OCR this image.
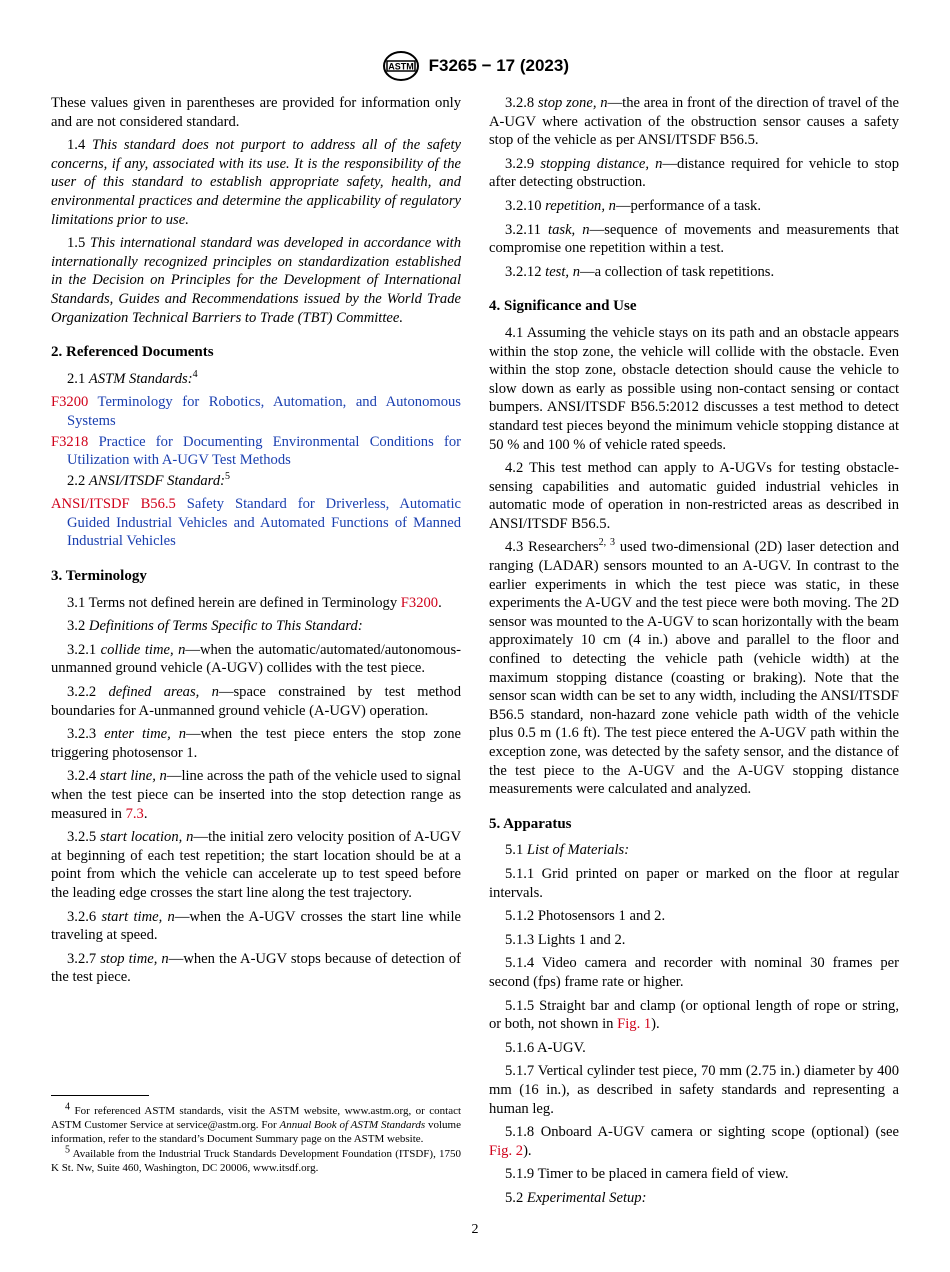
ASTM F3265 − 17 (2023)

These values given in parentheses are provided for information only and are not considered standard.

1.4 This standard does not purport to address all of the safety concerns, if any, associated with its use. It is the responsibility of the user of this standard to establish appropriate safety, health, and environmental practices and determine the applicability of regulatory limitations prior to use.

1.5 This international standard was developed in accordance with internationally recognized principles on standardization established in the Decision on Principles for the Development of International Standards, Guides and Recommendations issued by the World Trade Organization Technical Barriers to Trade (TBT) Committee.

2. Referenced Documents

2.1 ASTM Standards:$^4$

F3200 Terminology for Robotics, Automation, and Autonomous Systems

F3218 Practice for Documenting Environmental Conditions for Utilization with A-UGV Test Methods

2.2 ANSI/ITSDF Standard:$^5$

ANSI/ITSDF B56.5 Safety Standard for Driverless, Automatic Guided Industrial Vehicles and Automated Functions of Manned Industrial Vehicles

3. Terminology

3.1 Terms not defined herein are defined in Terminology F3200.

3.2 Definitions of Terms Specific to This Standard:

3.2.1 collide time, n—when the automatic/automated/autonomous-unmanned ground vehicle (A-UGV) collides with the test piece.

3.2.2 defined areas, n—space constrained by test method boundaries for A-unmanned ground vehicle (A-UGV) operation.

3.2.3 enter time, n—when the test piece enters the stop zone triggering photosensor 1.

3.2.4 start line, n—line across the path of the vehicle used to signal when the test piece can be inserted into the stop detection range as measured in 7.3.

3.2.5 start location, n—the initial zero velocity position of A-UGV at beginning of each test repetition; the start location should be at a point from which the vehicle can accelerate up to test speed before the leading edge crosses the start line along the test trajectory.

3.2.6 start time, n—when the A-UGV crosses the start line while traveling at speed.

3.2.7 stop time, n—when the A-UGV stops because of detection of the test piece.

3.2.8 stop zone, n—the area in front of the direction of travel of the A-UGV where activation of the obstruction sensor causes a safety stop of the vehicle as per ANSI/ITSDF B56.5.

3.2.9 stopping distance, n—distance required for vehicle to stop after detecting obstruction.

3.2.10 repetition, n—performance of a task.

3.2.11 task, n—sequence of movements and measurements that compromise one repetition within a test.

3.2.12 test, n—a collection of task repetitions.

4. Significance and Use

4.1 Assuming the vehicle stays on its path and an obstacle appears within the stop zone, the vehicle will collide with the obstacle. Even within the stop zone, obstacle detection should cause the vehicle to slow down as early as possible using non-contact sensing or contact bumpers. ANSI/ITSDF B56.5:2012 discusses a test method to detect standard test pieces beyond the minimum vehicle stopping distance at 50 % and 100 % of vehicle rated speeds.

4.2 This test method can apply to A-UGVs for testing obstacle-sensing capabilities and automatic guided industrial vehicles in automatic mode of operation in non-restricted areas as described in ANSI/ITSDF B56.5.

4.3 Researchers$^{2, 3}$ used two-dimensional (2D) laser detection and ranging (LADAR) sensors mounted to an A-UGV. In contrast to the earlier experiments in which the test piece was static, in these experiments the A-UGV and the test piece were both moving. The 2D sensor was mounted to the A-UGV to scan horizontally with the beam approximately 10 cm (4 in.) above and parallel to the floor and confined to detecting the vehicle path (vehicle width) at the maximum stopping distance (coasting or braking). Note that the sensor scan width can be set to any width, including the ANSI/ITSDF B56.5 standard, non-hazard zone vehicle path width of the vehicle plus 0.5 m (1.6 ft). The test piece entered the A-UGV path within the exception zone, was detected by the safety sensor, and the distance of the test piece to the A-UGV and the A-UGV stopping distance measurements were calculated and analyzed.

5. Apparatus

5.1 List of Materials:

5.1.1 Grid printed on paper or marked on the floor at regular intervals.

5.1.2 Photosensors 1 and 2.

5.1.3 Lights 1 and 2.

5.1.4 Video camera and recorder with nominal 30 frames per second (fps) frame rate or higher.

5.1.5 Straight bar and clamp (or optional length of rope or string, or both, not shown in Fig. 1).

5.1.6 A-UGV.

5.1.7 Vertical cylinder test piece, 70 mm (2.75 in.) diameter by 400 mm (16 in.), as described in safety standards and representing a human leg.

5.1.8 Onboard A-UGV camera or sighting scope (optional) (see Fig. 2).

5.1.9 Timer to be placed in camera field of view.

5.2 Experimental Setup:

$^4$ For referenced ASTM standards, visit the ASTM website, www.astm.org, or contact ASTM Customer Service at service@astm.org. For Annual Book of ASTM Standards volume information, refer to the standard’s Document Summary page on the ASTM website.

$^5$ Available from the Industrial Truck Standards Development Foundation (ITSDF), 1750 K St. Nw, Suite 460, Washington, DC 20006, www.itsdf.org.

2
